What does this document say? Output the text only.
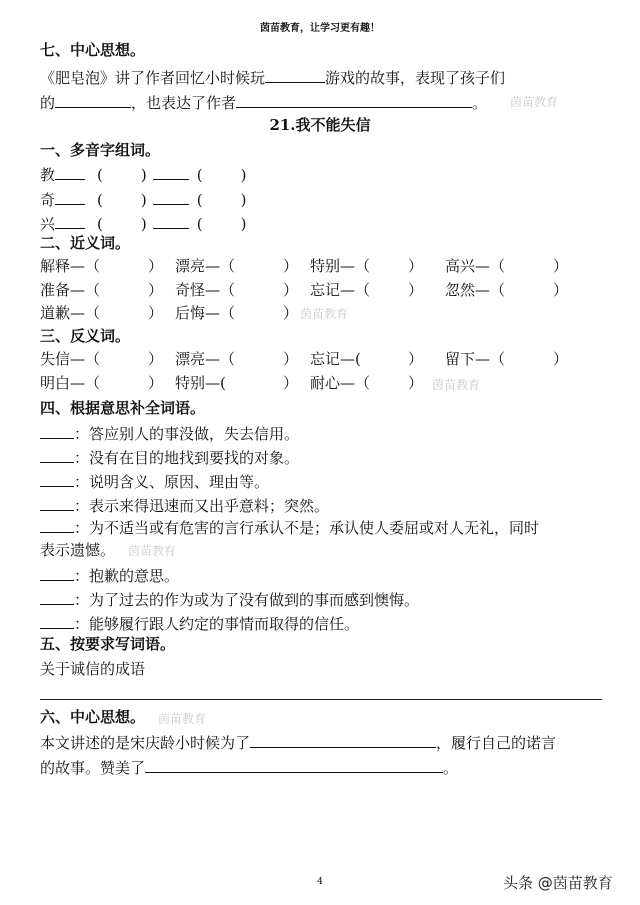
茵苗教育，让学习更有趣！
七、中心思想。
《肥皂泡》讲了作者回忆小时候玩	游戏的故事，表现了孩子们
的	，也表达了作者	。 茵苗教育
21.我不能失信
一、多音字组词。
教	(	)	(	)
奇	(	)	(	)
兴	(	)	(	)
二、近义词。
解释—（	） 漂亮—（	） 特别—（	） 高兴—（	）
准备—（	） 奇怪—（	） 忘记—（	） 忽然—（	）
道歉—（	） 后悔—（	） 茵苗教育
三、反义词。
失信—（	） 漂亮—（	） 忘记—(	） 留下—（	）
明白—（	） 特别—(	） 耐心—（	） 茵苗教育
四、根据意思补全词语。
：答应别人的事没做，失去信用。
：没有在目的地找到要找的对象。
：说明含义、原因、理由等。
：表示来得迅速而又出乎意料；突然。
：为不适当或有危害的言行承认不是；承认使人委屈或对人无礼，同时
：抱歉的意思。
：为了过去的作为或为了没有做到的事而感到懊悔。
：能够履行跟人约定的事情而取得的信任。
表示遗憾。 茵苗教育
五、按要求写词语。
关于诚信的成语
六、中心思想。 茵苗教育
本文讲述的是宋庆龄小时候为了	，履行自己的诺言
的故事。赞美了	。
4	头条 @茵苗教育
